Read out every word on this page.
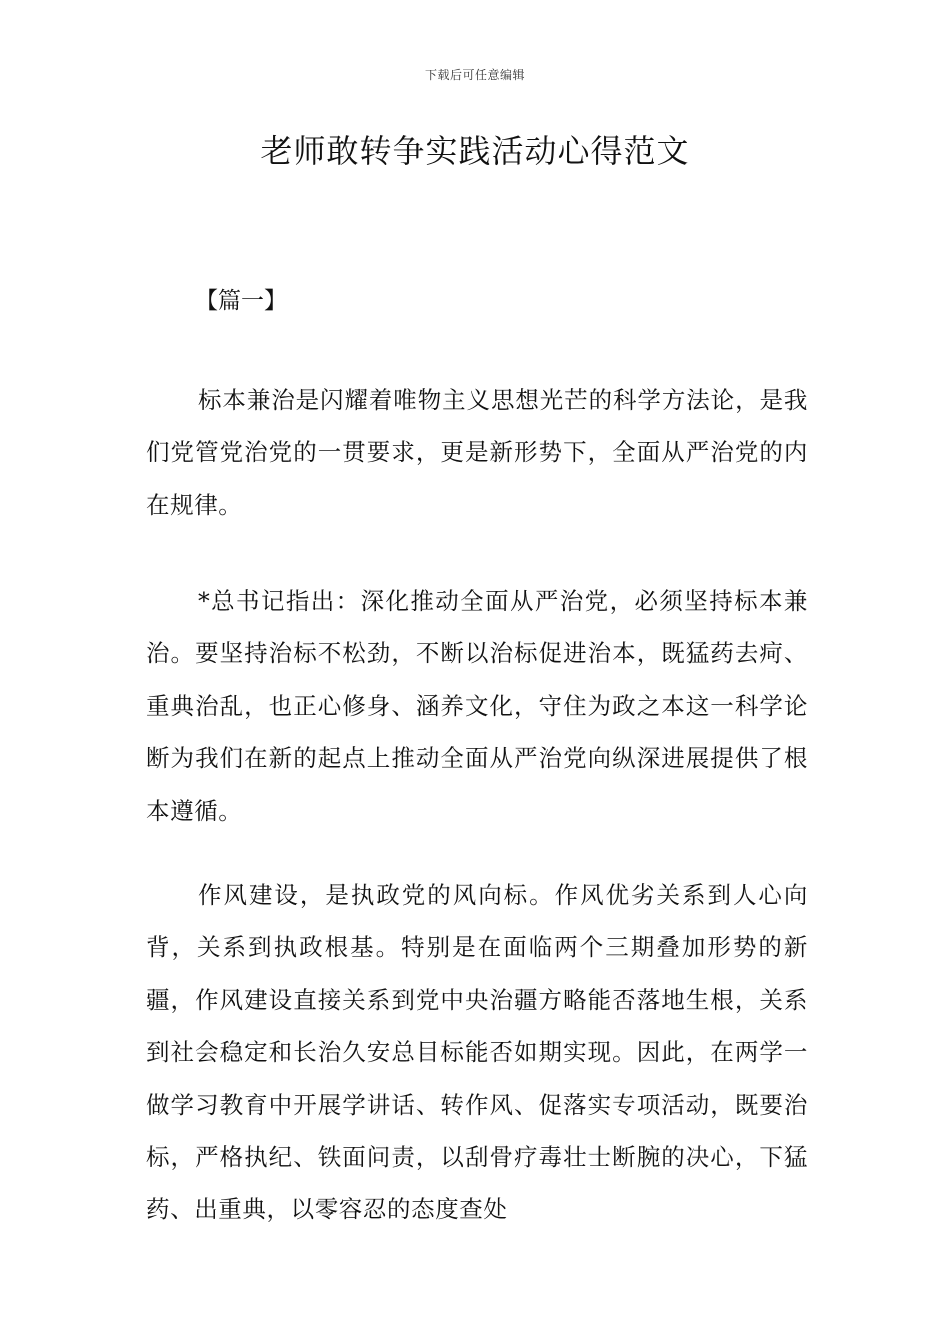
下载后可任意编辑
老师敢转争实践活动心得范文
【篇一】

标本兼治是闪耀着唯物主义思想光芒的科学方法论，是我们党管党治党的一贯要求，更是新形势下，全面从严治党的内在规律。

*总书记指出：深化推动全面从严治党，必须坚持标本兼治。要坚持治标不松劲，不断以治标促进治本，既猛药去疴、重典治乱，也正心修身、涵养文化，守住为政之本这一科学论断为我们在新的起点上推动全面从严治党向纵深进展提供了根本遵循。

作风建设，是执政党的风向标。作风优劣关系到人心向背，关系到执政根基。特别是在面临两个三期叠加形势的新疆，作风建设直接关系到党中央治疆方略能否落地生根，关系到社会稳定和长治久安总目标能否如期实现。因此，在两学一做学习教育中开展学讲话、转作风、促落实专项活动，既要治标，严格执纪、铁面问责，以刮骨疗毒壮士断腕的决心，下猛药、出重典，以零容忍的态度查处
